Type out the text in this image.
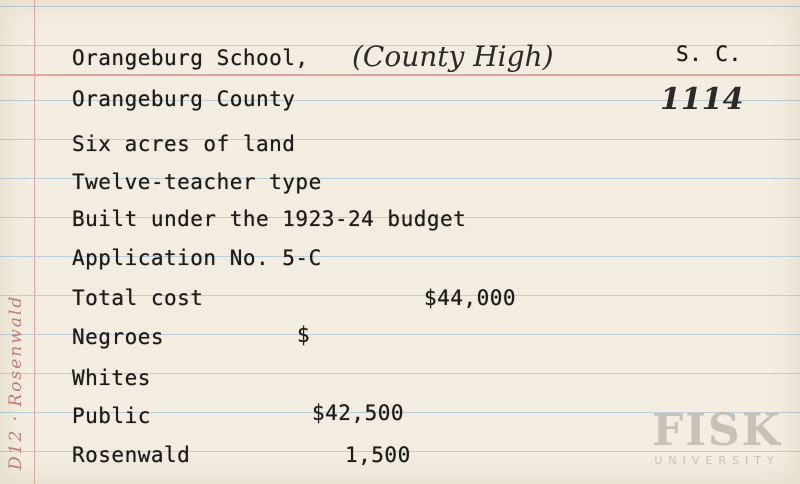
D12 · Rosenwald
Orangeburg School, (County High)	S. C.
Orangeburg County	1114
Six acres of land
Twelve-teacher type
Built under the 1923-24 budget
Application No. 5-C
Total cost	$44,000
Negroes	$
Whites
Public	$42,500
Rosenwald	1,500	FISK
UNIVERSITY
